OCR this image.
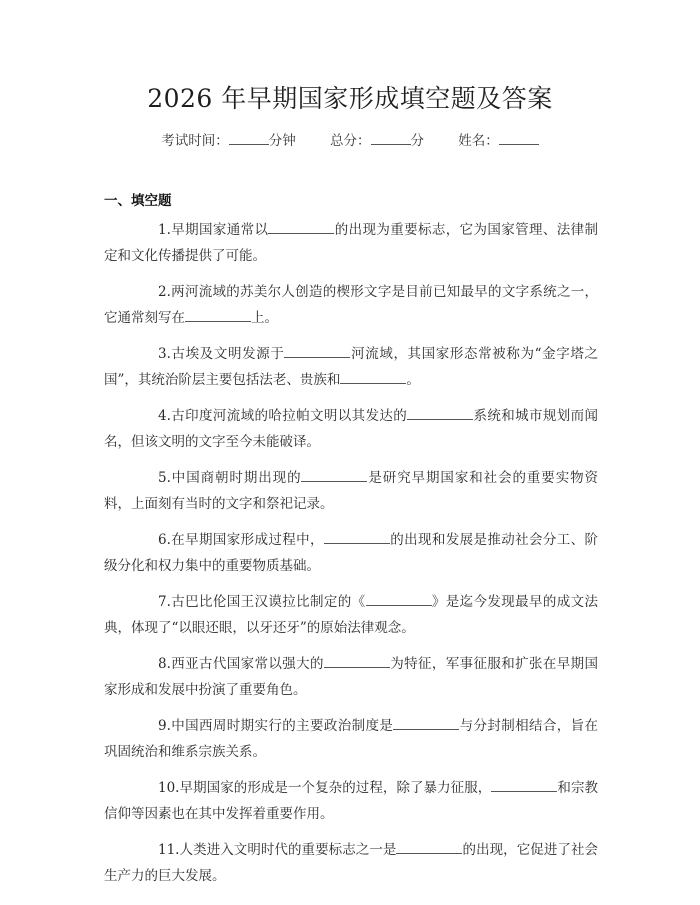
2026 年早期国家形成填空题及答案
考试时间：	分钟	总分：	分	姓名：
一、填空题

1.早期国家通常以	的出现为重要标志，它为国家管理、法律制定和文化传播提供了可能。

2.两河流域的苏美尔人创造的楔形文字是目前已知最早的文字系统之一，它通常刻写在	上。

3.古埃及文明发源于	河流域，其国家形态常被称为“金字塔之国”，其统治阶层主要包括法老、贵族和	。

4.古印度河流域的哈拉帕文明以其发达的	系统和城市规划而闻名，但该文明的文字至今未能破译。

5.中国商朝时期出现的	是研究早期国家和社会的重要实物资料，上面刻有当时的文字和祭祀记录。

6.在早期国家形成过程中，	的出现和发展是推动社会分工、阶级分化和权力集中的重要物质基础。

7.古巴比伦国王汉谟拉比制定的《	》是迄今发现最早的成文法典，体现了“以眼还眼，以牙还牙”的原始法律观念。

8.西亚古代国家常以强大的	为特征，军事征服和扩张在早期国家形成和发展中扮演了重要角色。

9.中国西周时期实行的主要政治制度是	与分封制相结合，旨在巩固统治和维系宗族关系。

10.早期国家的形成是一个复杂的过程，除了暴力征服，	和宗教信仰等因素也在其中发挥着重要作用。

11.人类进入文明时代的重要标志之一是	的出现，它促进了社会生产力的巨大发展。
